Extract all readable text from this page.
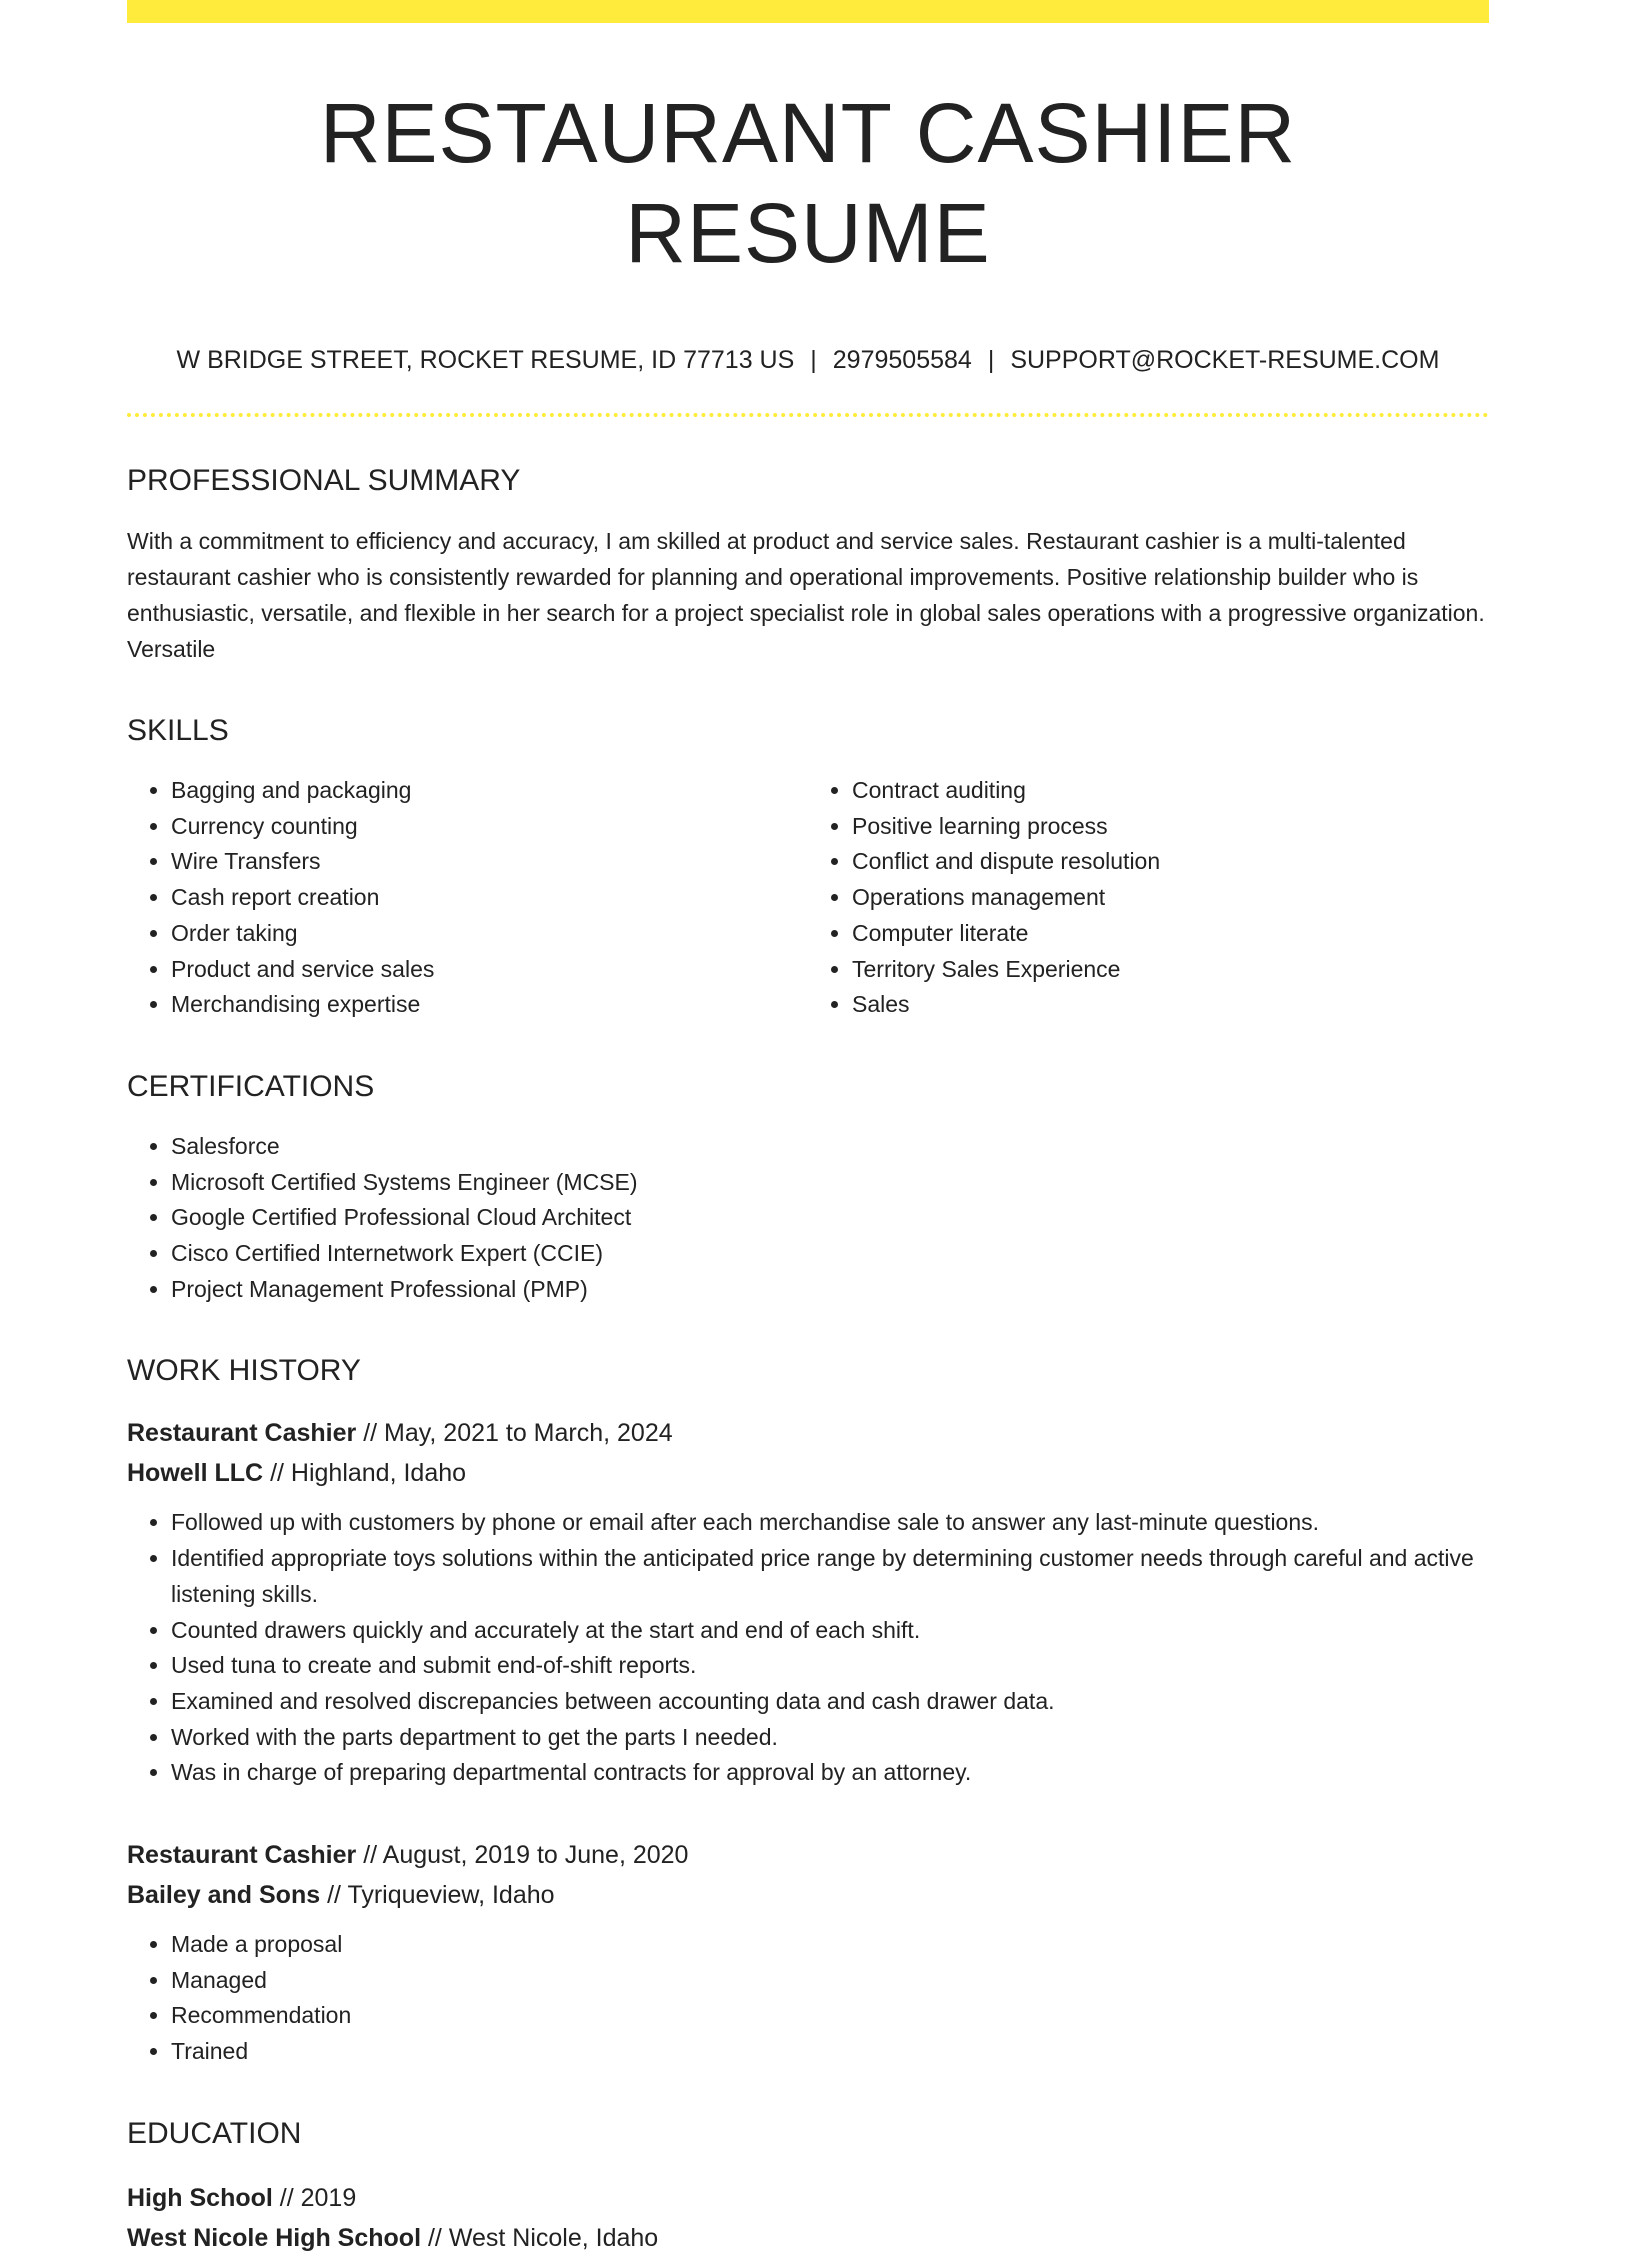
RESTAURANT CASHIER RESUME
W BRIDGE STREET, ROCKET RESUME, ID 77713 US | 2979505584 | SUPPORT@ROCKET-RESUME.COM
PROFESSIONAL SUMMARY

With a commitment to efficiency and accuracy, I am skilled at product and service sales. Restaurant cashier is a multi-talented restaurant cashier who is consistently rewarded for planning and operational improvements. Positive relationship builder who is enthusiastic, versatile, and flexible in her search for a project specialist role in global sales operations with a progressive organization. Versatile

SKILLS
• Bagging and packaging
• Currency counting
• Wire Transfers
• Cash report creation
• Order taking
• Product and service sales
• Merchandising expertise
• Contract auditing
• Positive learning process
• Conflict and dispute resolution
• Operations management
• Computer literate
• Territory Sales Experience
• Sales
CERTIFICATIONS
• Salesforce
• Microsoft Certified Systems Engineer (MCSE)
• Google Certified Professional Cloud Architect
• Cisco Certified Internetwork Expert (CCIE)
• Project Management Professional (PMP)
WORK HISTORY
Restaurant Cashier // May, 2021 to March, 2024
Howell LLC // Highland, Idaho
• Followed up with customers by phone or email after each merchandise sale to answer any last-minute questions.
• Identified appropriate toys solutions within the anticipated price range by determining customer needs through careful and active listening skills.
• Counted drawers quickly and accurately at the start and end of each shift.
• Used tuna to create and submit end-of-shift reports.
• Examined and resolved discrepancies between accounting data and cash drawer data.
• Worked with the parts department to get the parts I needed.
• Was in charge of preparing departmental contracts for approval by an attorney.
Restaurant Cashier // August, 2019 to June, 2020
Bailey and Sons // Tyriqueview, Idaho
• Made a proposal
• Managed
• Recommendation
• Trained
EDUCATION
High School // 2019
West Nicole High School // West Nicole, Idaho
